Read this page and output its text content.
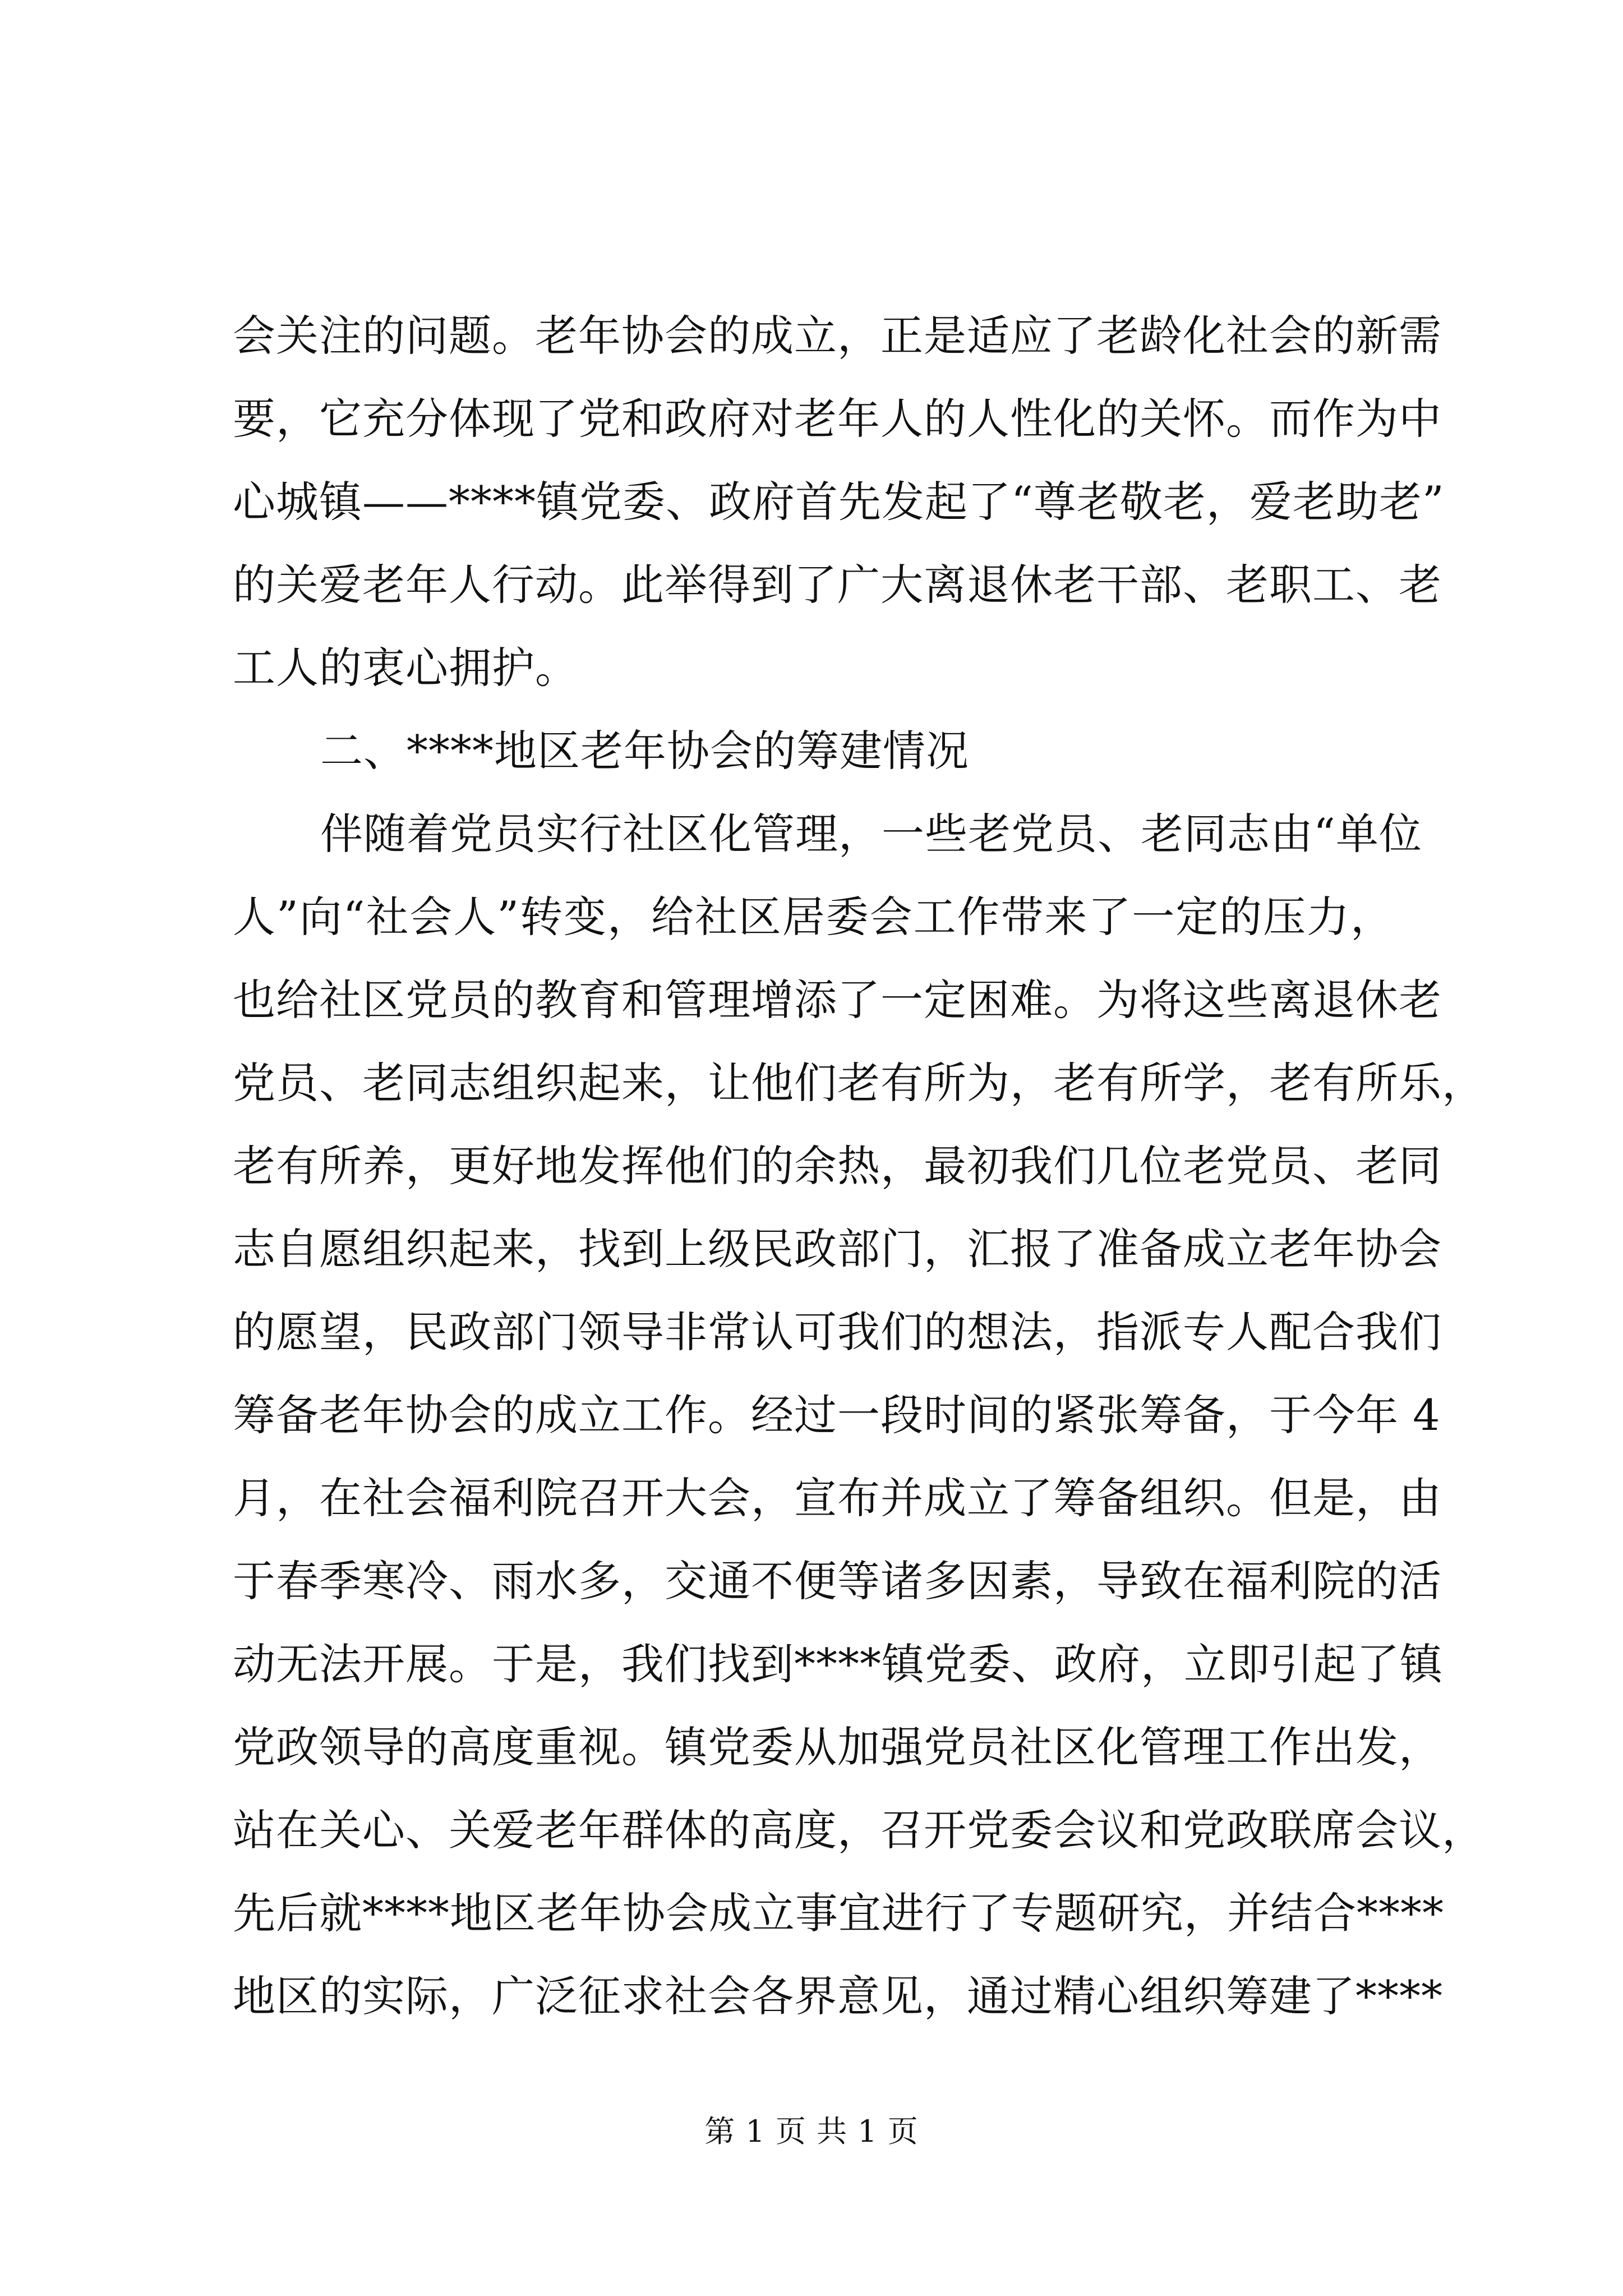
会关注的问题。老年协会的成立，正是适应了老龄化社会的新需
要，它充分体现了党和政府对老年人的人性化的关怀。而作为中
心城镇——****镇党委、政府首先发起了“尊老敬老，爱老助老”
的关爱老年人行动。此举得到了广大离退休老干部、老职工、老
工人的衷心拥护。
二、****地区老年协会的筹建情况
伴随着党员实行社区化管理，一些老党员、老同志由“单位
人”向“社会人”转变，给社区居委会工作带来了一定的压力，
也给社区党员的教育和管理增添了一定困难。为将这些离退休老
党员、老同志组织起来，让他们老有所为，老有所学，老有所乐，
老有所养，更好地发挥他们的余热，最初我们几位老党员、老同
志自愿组织起来，找到上级民政部门，汇报了准备成立老年协会
的愿望，民政部门领导非常认可我们的想法，指派专人配合我们
筹备老年协会的成立工作。经过一段时间的紧张筹备，于今年 4
月，在社会福利院召开大会，宣布并成立了筹备组织。但是，由
于春季寒冷、雨水多，交通不便等诸多因素，导致在福利院的活
动无法开展。于是，我们找到****镇党委、政府，立即引起了镇
党政领导的高度重视。镇党委从加强党员社区化管理工作出发，
站在关心、关爱老年群体的高度，召开党委会议和党政联席会议，
先后就****地区老年协会成立事宜进行了专题研究，并结合****
地区的实际，广泛征求社会各界意见，通过精心组织筹建了****
第 1 页 共 1 页
